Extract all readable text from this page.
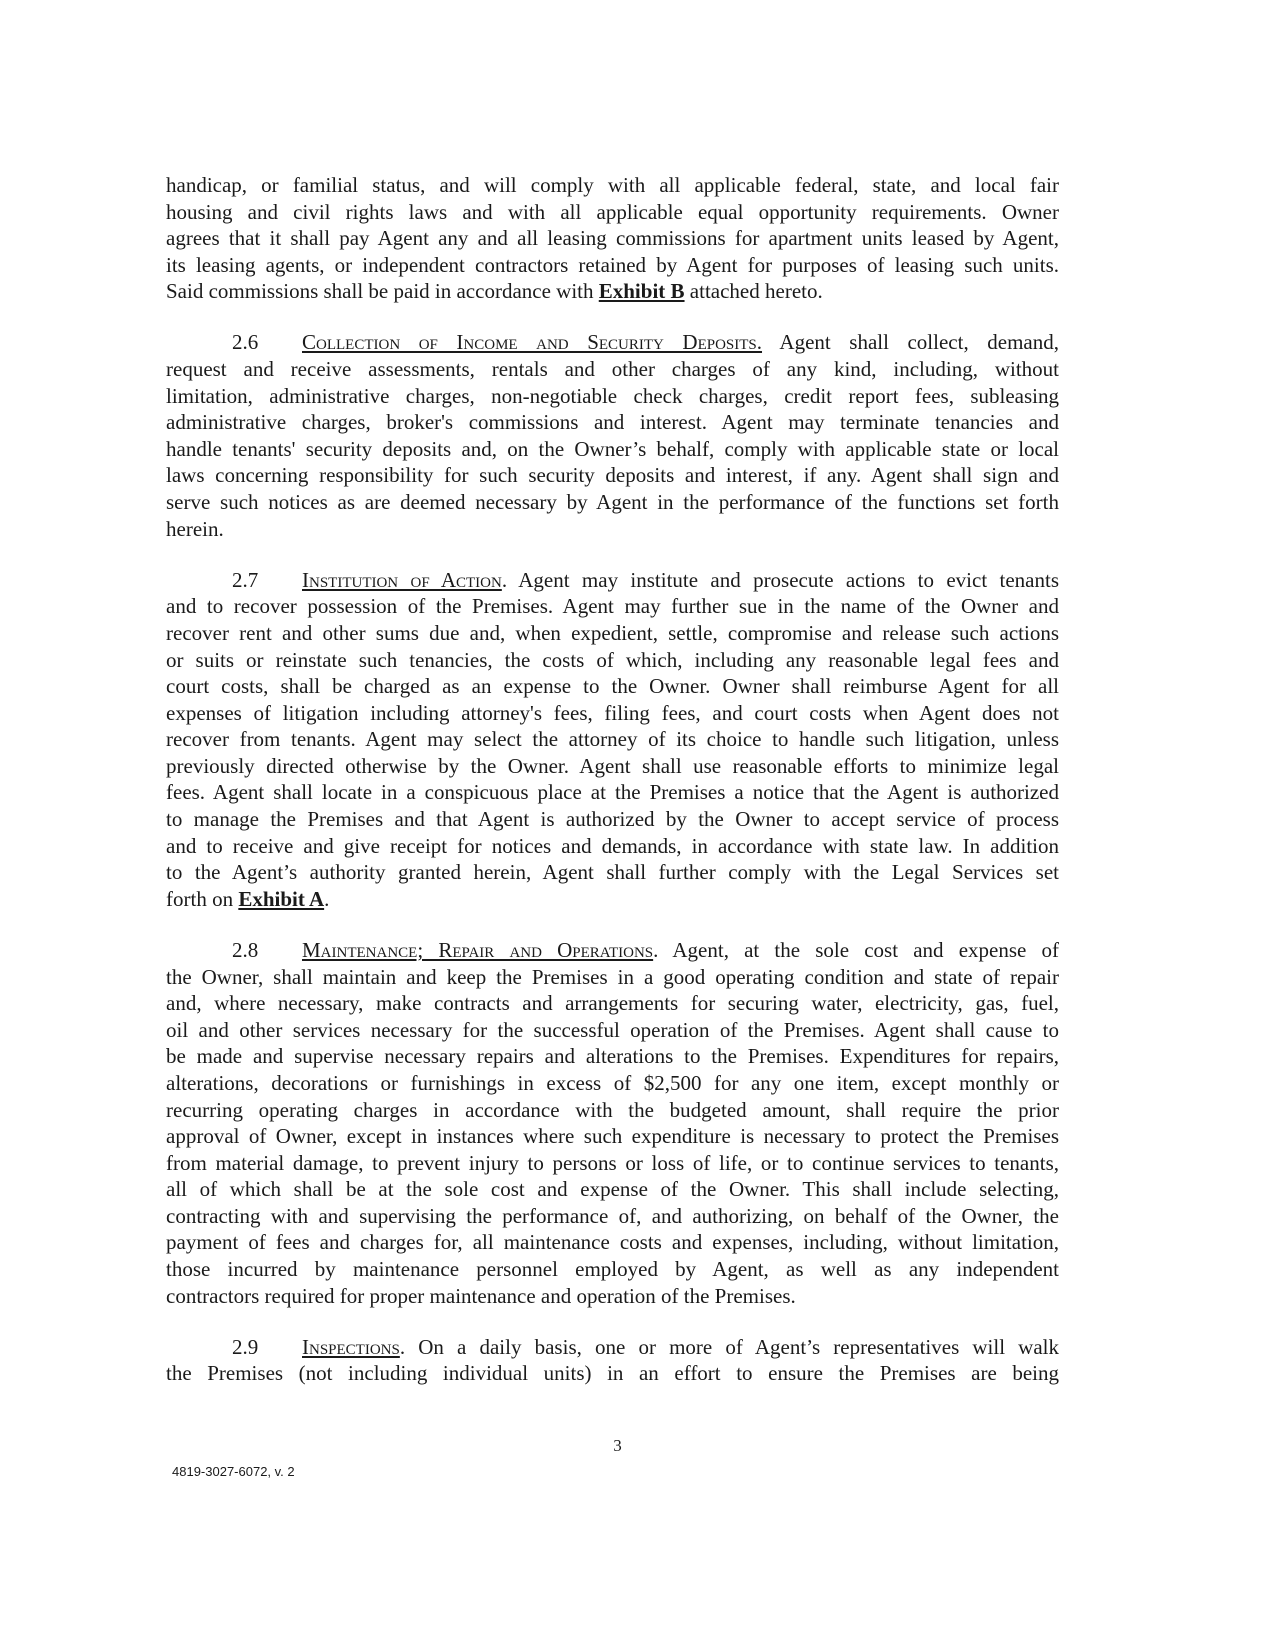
handicap, or familial status, and will comply with all applicable federal, state, and local fair
housing and civil rights laws and with all applicable equal opportunity requirements. Owner
agrees that it shall pay Agent any and all leasing commissions for apartment units leased by Agent,
its leasing agents, or independent contractors retained by Agent for purposes of leasing such units.
Said commissions shall be paid in accordance with Exhibit B attached hereto.
2.6 Collection of Income and Security Deposits. Agent shall collect, demand,
request and receive assessments, rentals and other charges of any kind, including, without
limitation, administrative charges, non-negotiable check charges, credit report fees, subleasing
administrative charges, broker's commissions and interest. Agent may terminate tenancies and
handle tenants' security deposits and, on the Owner’s behalf, comply with applicable state or local
laws concerning responsibility for such security deposits and interest, if any. Agent shall sign and
serve such notices as are deemed necessary by Agent in the performance of the functions set forth
herein.
2.7 Institution of Action. Agent may institute and prosecute actions to evict tenants
and to recover possession of the Premises. Agent may further sue in the name of the Owner and
recover rent and other sums due and, when expedient, settle, compromise and release such actions
or suits or reinstate such tenancies, the costs of which, including any reasonable legal fees and
court costs, shall be charged as an expense to the Owner. Owner shall reimburse Agent for all
expenses of litigation including attorney's fees, filing fees, and court costs when Agent does not
recover from tenants. Agent may select the attorney of its choice to handle such litigation, unless
previously directed otherwise by the Owner. Agent shall use reasonable efforts to minimize legal
fees. Agent shall locate in a conspicuous place at the Premises a notice that the Agent is authorized
to manage the Premises and that Agent is authorized by the Owner to accept service of process
and to receive and give receipt for notices and demands, in accordance with state law. In addition
to the Agent’s authority granted herein, Agent shall further comply with the Legal Services set
forth on Exhibit A.
2.8 Maintenance; Repair and Operations. Agent, at the sole cost and expense of
the Owner, shall maintain and keep the Premises in a good operating condition and state of repair
and, where necessary, make contracts and arrangements for securing water, electricity, gas, fuel,
oil and other services necessary for the successful operation of the Premises. Agent shall cause to
be made and supervise necessary repairs and alterations to the Premises. Expenditures for repairs,
alterations, decorations or furnishings in excess of $2,500 for any one item, except monthly or
recurring operating charges in accordance with the budgeted amount, shall require the prior
approval of Owner, except in instances where such expenditure is necessary to protect the Premises
from material damage, to prevent injury to persons or loss of life, or to continue services to tenants,
all of which shall be at the sole cost and expense of the Owner. This shall include selecting,
contracting with and supervising the performance of, and authorizing, on behalf of the Owner, the
payment of fees and charges for, all maintenance costs and expenses, including, without limitation,
those incurred by maintenance personnel employed by Agent, as well as any independent
contractors required for proper maintenance and operation of the Premises.
2.9 Inspections. On a daily basis, one or more of Agent’s representatives will walk
the Premises (not including individual units) in an effort to ensure the Premises are being
3
4819-3027-6072, v. 2
